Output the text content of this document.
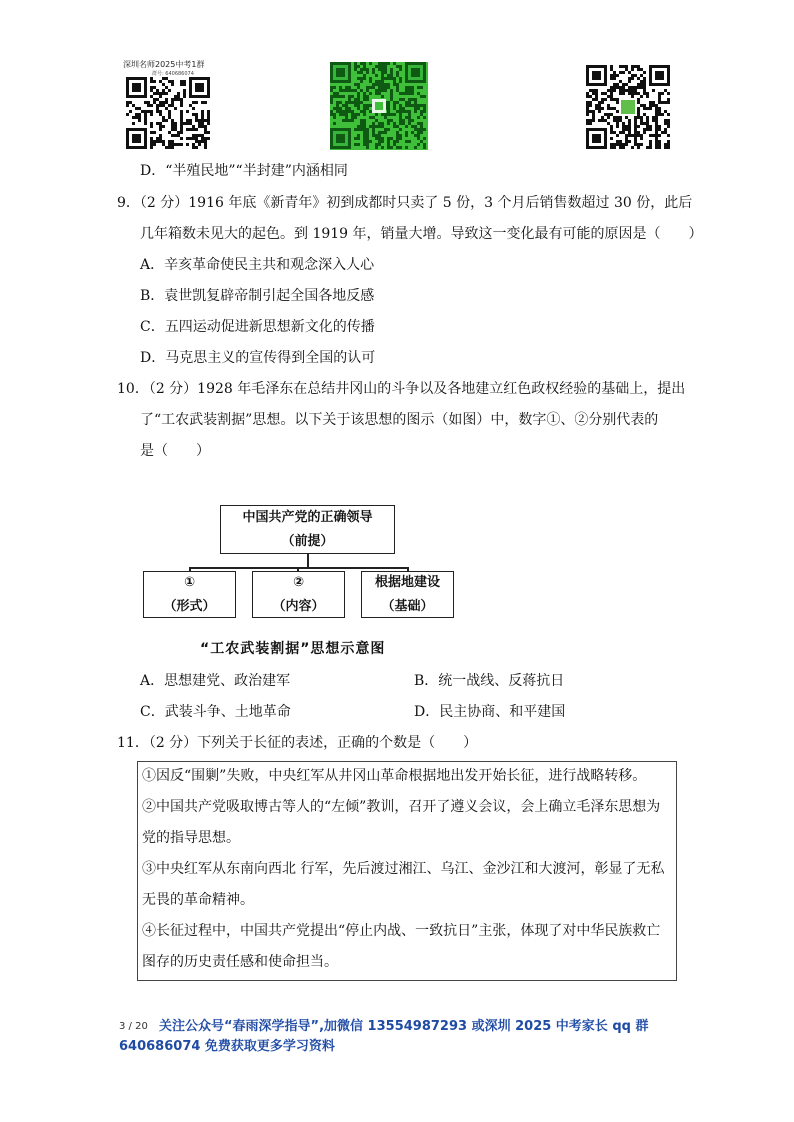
深圳名师2025中考1群
群号: 640686074
D．“半殖民地”“半封建”内涵相同
9．（2 分）1916 年底《新青年》初到成都时只卖了 5 份，3 个月后销售数超过 30 份，此后
几年箱数未见大的起色。到 1919 年，销量大增。导致这一变化最有可能的原因是（　　）
A．辛亥革命使民主共和观念深入人心
B．袁世凯复辟帝制引起全国各地反感
C．五四运动促进新思想新文化的传播
D．马克思主义的宣传得到全国的认可
10．（2 分）1928 年毛泽东在总结井冈山的斗争以及各地建立红色政权经验的基础上，提出
了“工农武装割据”思想。以下关于该思想的图示（如图）中，数字①、②分别代表的
是（　　）
中国共产党的正确领导
（前提）
①
（形式）
②
（内容）
根据地建设
（基础）
“工农武装割据”思想示意图
A．思想建党、政治建军	B．统一战线、反蒋抗日
C．武装斗争、土地革命	D．民主协商、和平建国
11．（2 分）下列关于长征的表述，正确的个数是（　　）
①因反“围剿”失败，中央红军从井冈山革命根据地出发开始长征，进行战略转移。
②中国共产党吸取博古等人的“左倾”教训，召开了遵义会议，会上确立毛泽东思想为
党的指导思想。
③中央红军从东南向西北 行军，先后渡过湘江、乌江、金沙江和大渡河，彰显了无私
无畏的革命精神。
④长征过程中，中国共产党提出“停止内战、一致抗日”主张，体现了对中华民族救亡
图存的历史责任感和使命担当。
3 / 20 关注公众号“春雨深学指导”,加微信 13554987293 或深圳 2025 中考家长 qq 群
640686074 免费获取更多学习资料
